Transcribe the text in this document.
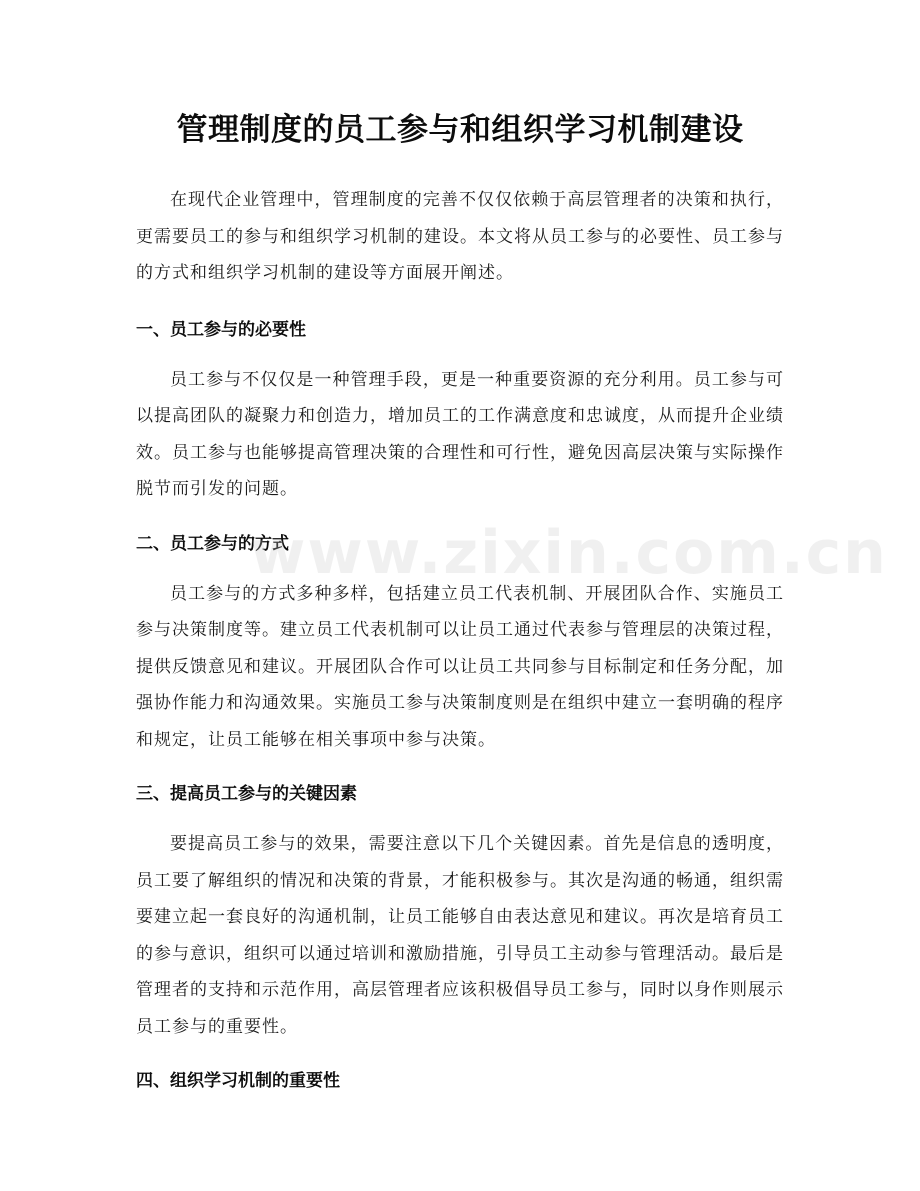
管理制度的员工参与和组织学习机制建设

在现代企业管理中，管理制度的完善不仅仅依赖于高层管理者的决策和执行，更需要员工的参与和组织学习机制的建设。本文将从员工参与的必要性、员工参与的方式和组织学习机制的建设等方面展开阐述。

一、员工参与的必要性

员工参与不仅仅是一种管理手段，更是一种重要资源的充分利用。员工参与可以提高团队的凝聚力和创造力，增加员工的工作满意度和忠诚度，从而提升企业绩效。员工参与也能够提高管理决策的合理性和可行性，避免因高层决策与实际操作脱节而引发的问题。

二、员工参与的方式

员工参与的方式多种多样，包括建立员工代表机制、开展团队合作、实施员工参与决策制度等。建立员工代表机制可以让员工通过代表参与管理层的决策过程，提供反馈意见和建议。开展团队合作可以让员工共同参与目标制定和任务分配，加强协作能力和沟通效果。实施员工参与决策制度则是在组织中建立一套明确的程序和规定，让员工能够在相关事项中参与决策。

三、提高员工参与的关键因素

要提高员工参与的效果，需要注意以下几个关键因素。首先是信息的透明度，员工要了解组织的情况和决策的背景，才能积极参与。其次是沟通的畅通，组织需要建立起一套良好的沟通机制，让员工能够自由表达意见和建议。再次是培育员工的参与意识，组织可以通过培训和激励措施，引导员工主动参与管理活动。最后是管理者的支持和示范作用，高层管理者应该积极倡导员工参与，同时以身作则展示员工参与的重要性。

四、组织学习机制的重要性
www.zixin.com.cn
